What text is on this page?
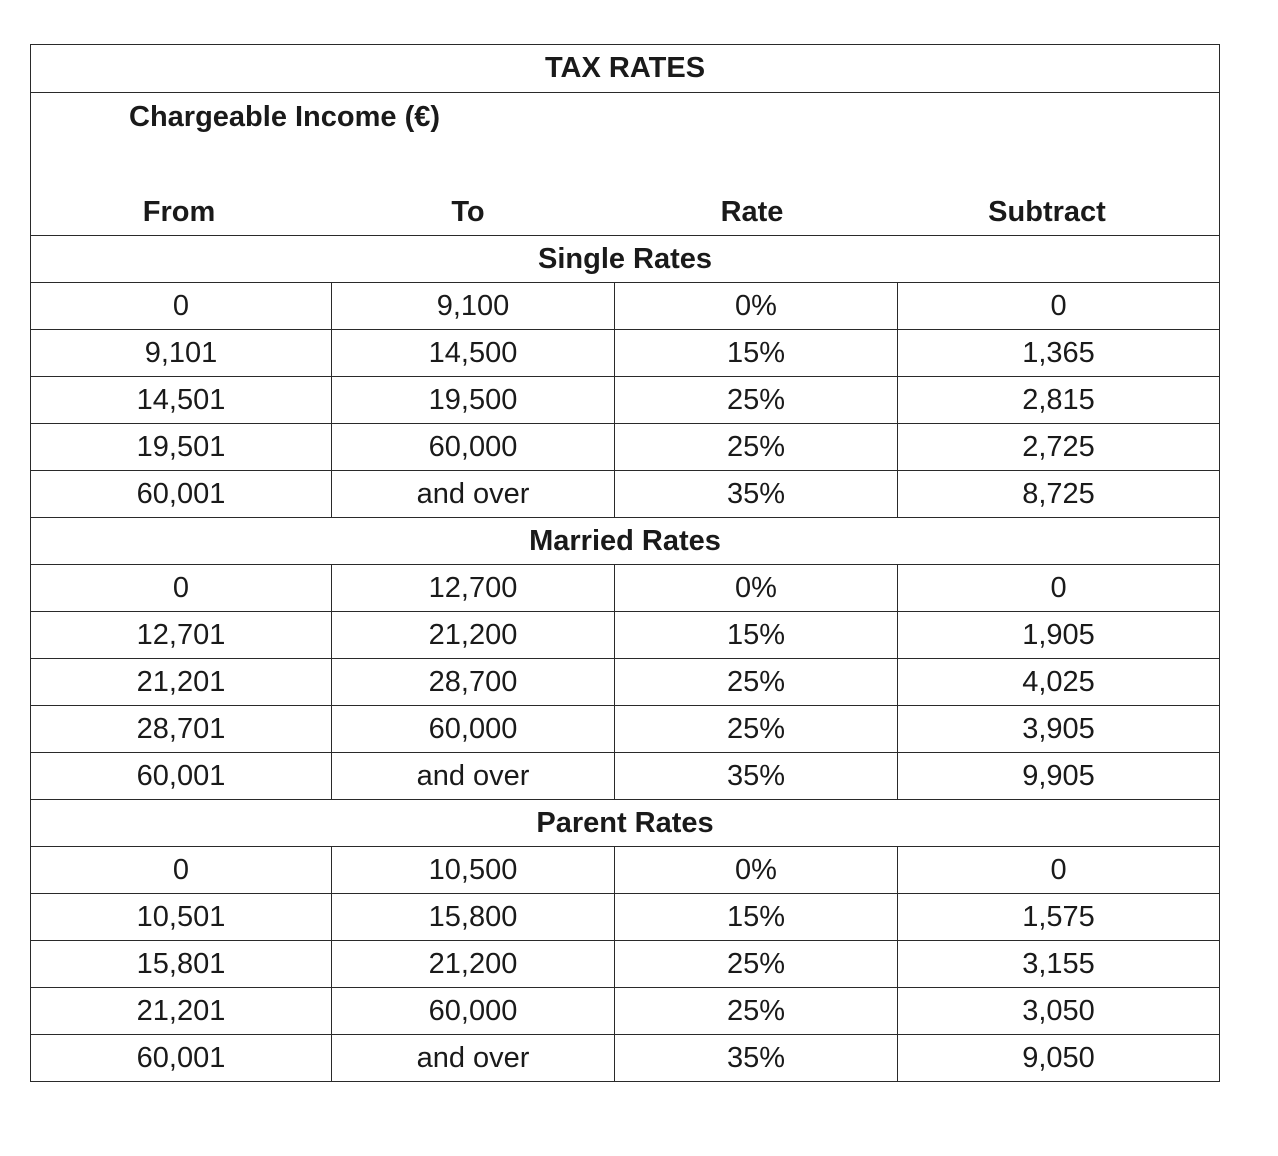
TAX RATES			

Chargeable Income (€)
From To Rate Subtract			

Single Rates			
0	9,100	0%	0
9,101	14,500	15%	1,365
14,501	19,500	25%	2,815
19,501	60,000	25%	2,725
60,001	and over	35%	8,725
Married Rates			
0	12,700	0%	0
12,701	21,200	15%	1,905
21,201	28,700	25%	4,025
28,701	60,000	25%	3,905
60,001	and over	35%	9,905
Parent Rates			
0	10,500	0%	0
10,501	15,800	15%	1,575
15,801	21,200	25%	3,155
21,201	60,000	25%	3,050
60,001	and over	35%	9,050
